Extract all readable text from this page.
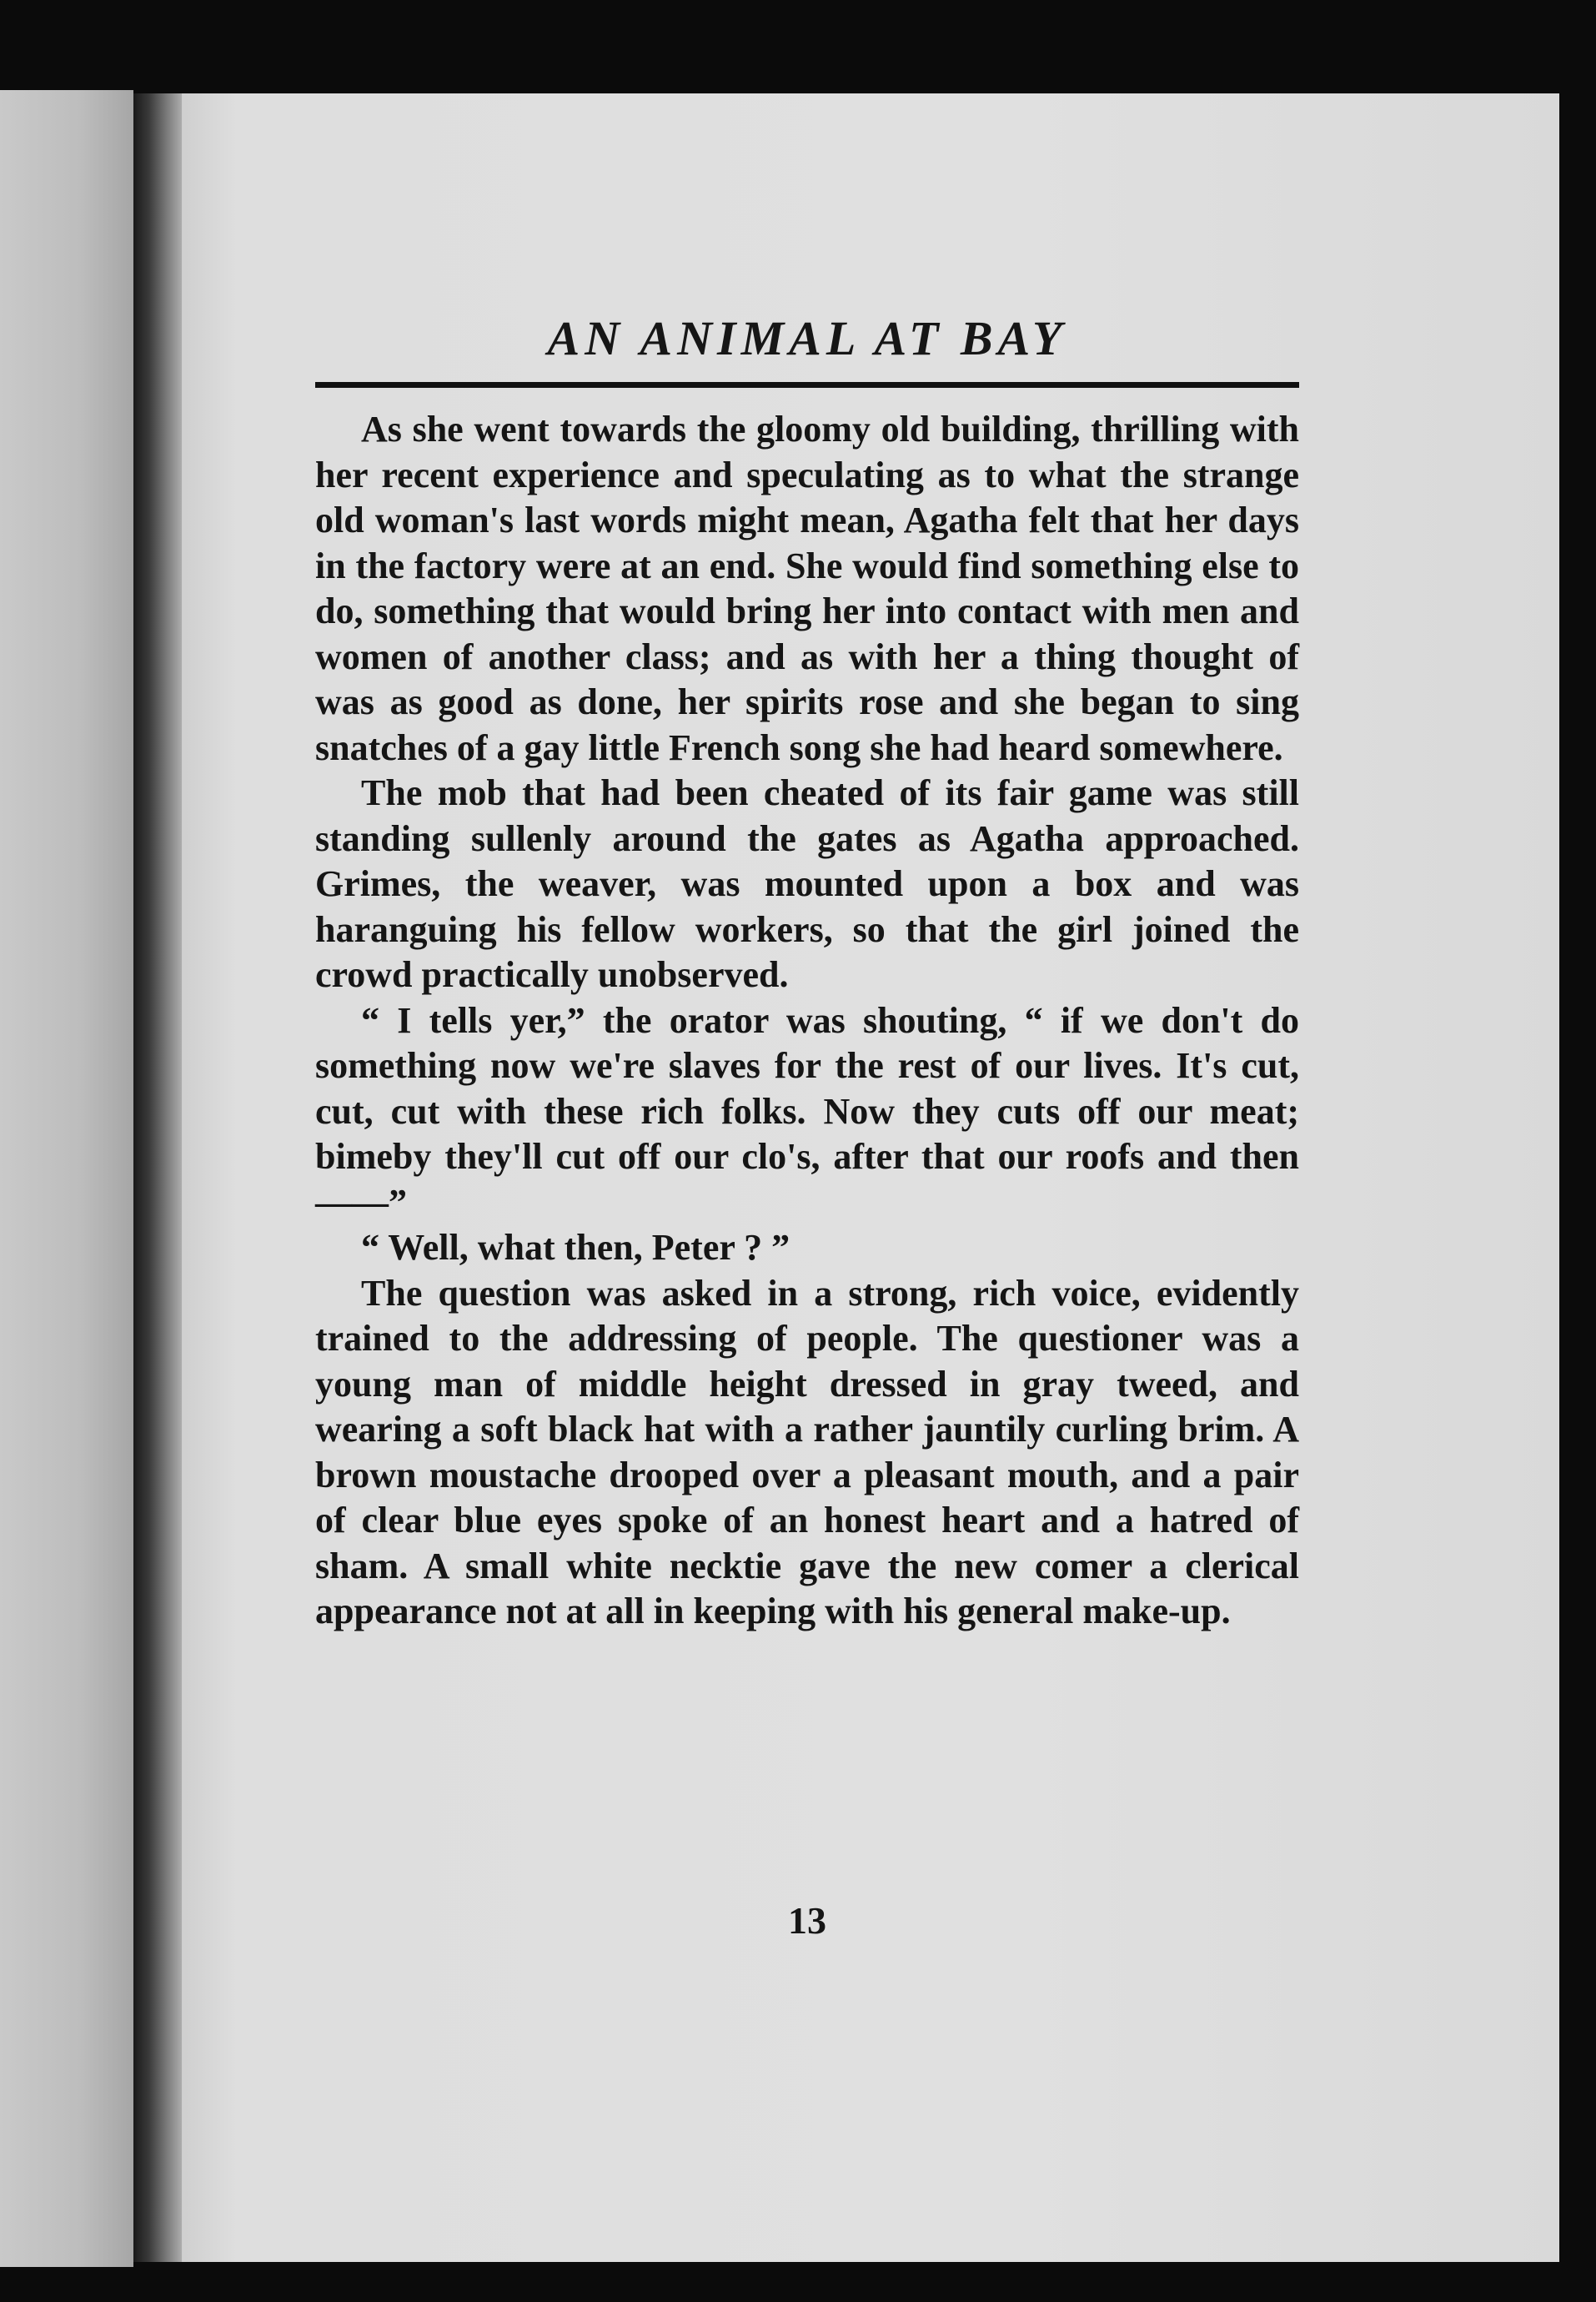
AN ANIMAL AT BAY

As she went towards the gloomy old building, thrilling with her recent experience and speculating as to what the strange old woman's last words might mean, Agatha felt that her days in the factory were at an end. She would find something else to do, something that would bring her into contact with men and women of another class; and as with her a thing thought of was as good as done, her spirits rose and she began to sing snatches of a gay little French song she had heard somewhere.

The mob that had been cheated of its fair game was still standing sullenly around the gates as Agatha approached. Grimes, the weaver, was mounted upon a box and was haranguing his fellow workers, so that the girl joined the crowd practically unobserved.

“ I tells yer,” the orator was shouting, “ if we don't do something now we're slaves for the rest of our lives. It's cut, cut, cut with these rich folks. Now they cuts off our meat; bimeby they'll cut off our clo's, after that our roofs and then——”

“ Well, what then, Peter ? ”

The question was asked in a strong, rich voice, evidently trained to the addressing of people. The questioner was a young man of middle height dressed in gray tweed, and wearing a soft black hat with a rather jauntily curling brim. A brown moustache drooped over a pleasant mouth, and a pair of clear blue eyes spoke of an honest heart and a hatred of sham. A small white necktie gave the new comer a clerical appearance not at all in keeping with his general make-up.

13
